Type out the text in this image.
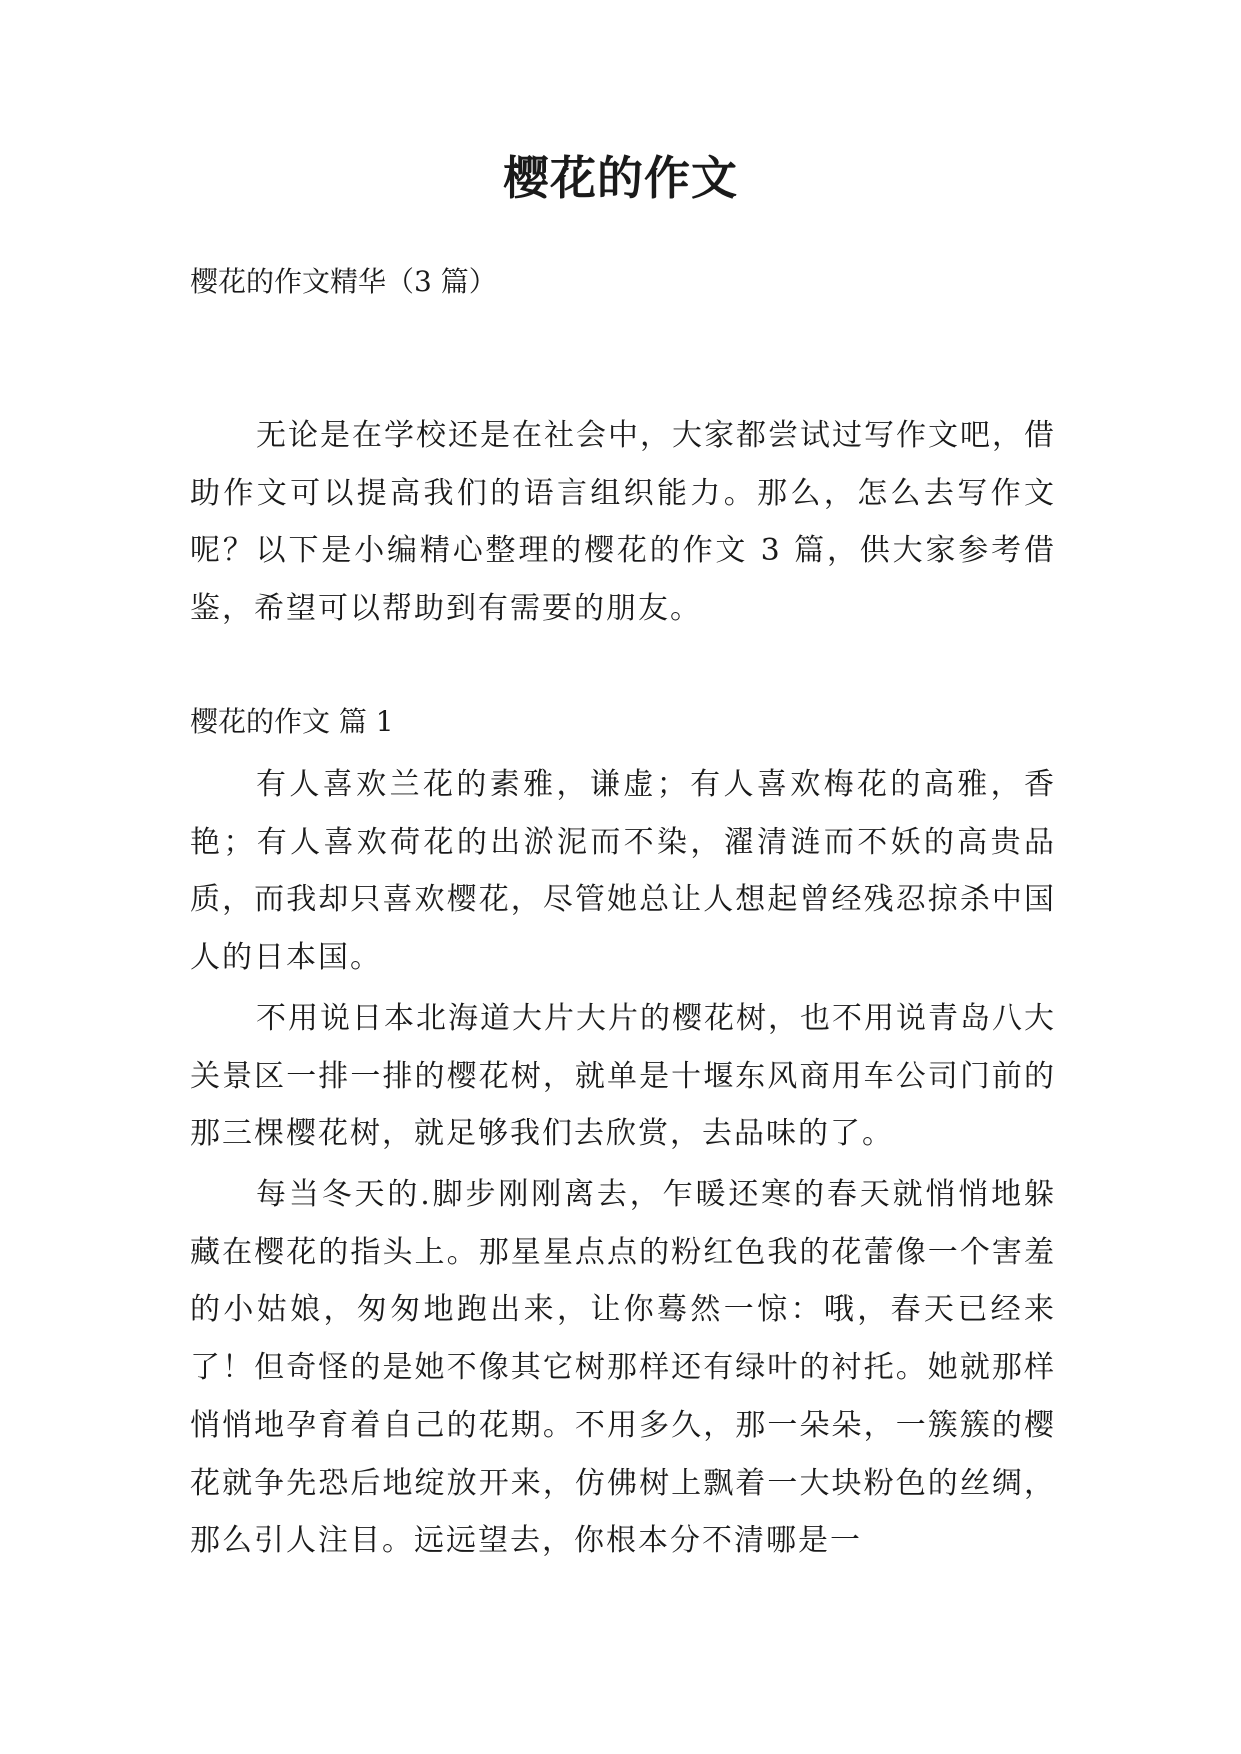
樱花的作文
樱花的作文精华（3 篇）

无论是在学校还是在社会中，大家都尝试过写作文吧，借助作文可以提高我们的语言组织能力。那么，怎么去写作文呢？以下是小编精心整理的樱花的作文 3 篇，供大家参考借鉴，希望可以帮助到有需要的朋友。

樱花的作文 篇 1

有人喜欢兰花的素雅，谦虚；有人喜欢梅花的高雅，香艳；有人喜欢荷花的出淤泥而不染，濯清涟而不妖的高贵品质，而我却只喜欢樱花，尽管她总让人想起曾经残忍掠杀中国人的日本国。

不用说日本北海道大片大片的樱花树，也不用说青岛八大关景区一排一排的樱花树，就单是十堰东风商用车公司门前的那三棵樱花树，就足够我们去欣赏，去品味的了。

每当冬天的.脚步刚刚离去，乍暖还寒的春天就悄悄地躲藏在樱花的指头上。那星星点点的粉红色我的花蕾像一个害羞的小姑娘，匆匆地跑出来，让你蓦然一惊：哦，春天已经来了！但奇怪的是她不像其它树那样还有绿叶的衬托。她就那样悄悄地孕育着自己的花期。不用多久，那一朵朵，一簇簇的樱花就争先恐后地绽放开来，仿佛树上飘着一大块粉色的丝绸，那么引人注目。远远望去，你根本分不清哪是一
